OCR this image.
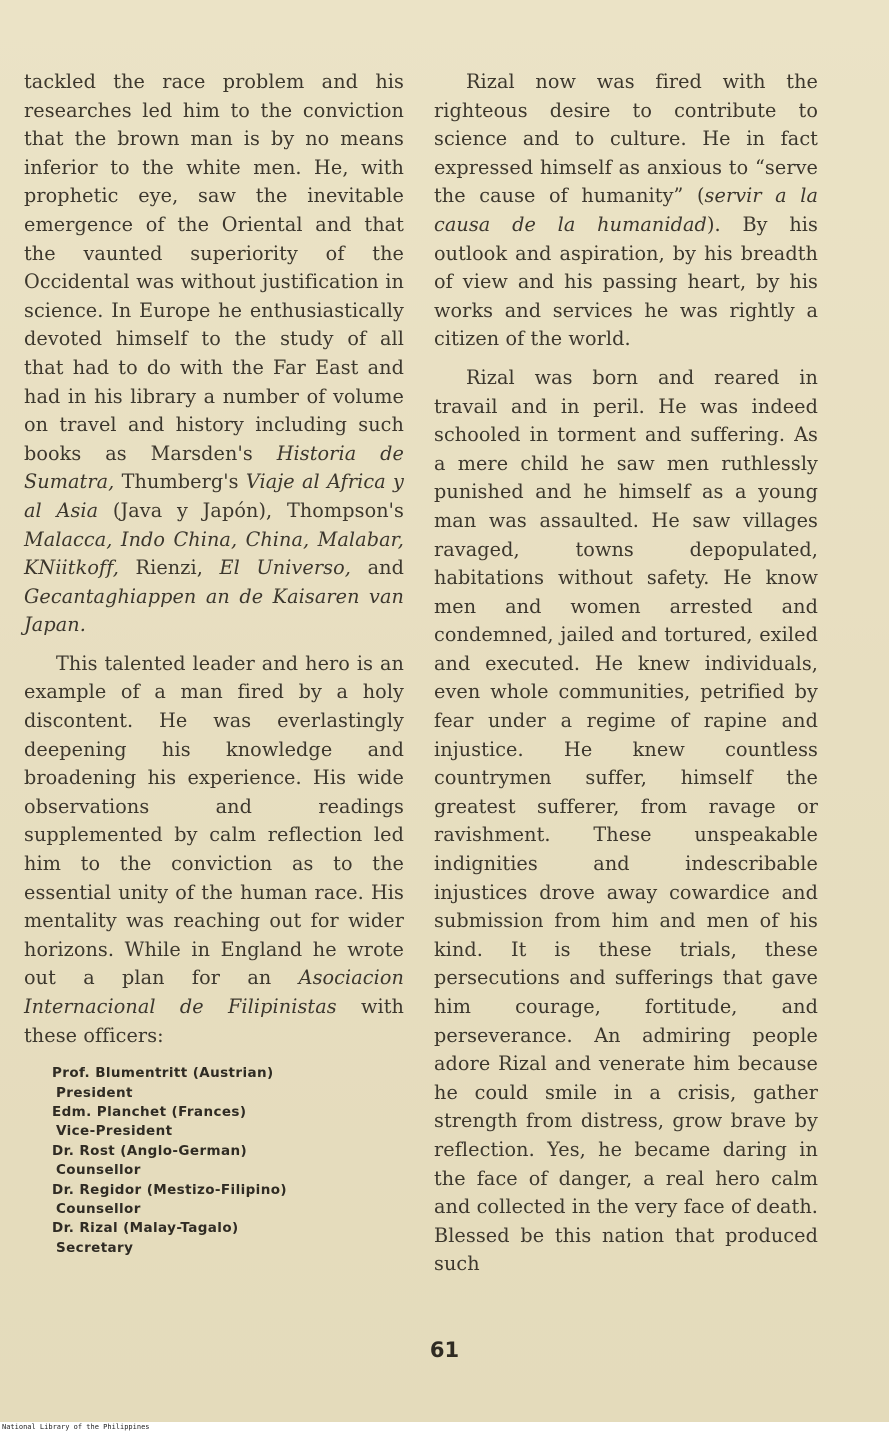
tackled the race problem and his researches led him to the conviction that the brown man is by no means inferior to the white men. He, with prophetic eye, saw the inevitable emergence of the Oriental and that the vaunted superiority of the Occidental was without justification in science. In Europe he enthusiastically devoted himself to the study of all that had to do with the Far East and had in his library a number of volume on travel and history including such books as Marsden's Historia de Sumatra, Thumberg's Viaje al Africa y al Asia (Java y Japón), Thompson's Malacca, Indo China, China, Malabar, KNiitkoff, Rienzi, El Universo, and Gecantaghiappen an de Kaisaren van Japan.

This talented leader and hero is an example of a man fired by a holy discontent. He was everlastingly deepening his knowledge and broadening his experience. His wide observations and readings supplemented by calm reflection led him to the conviction as to the essential unity of the human race. His mentality was reaching out for wider horizons. While in England he wrote out a plan for an Asociacion Internacional de Filipinistas with these officers:

Prof. Blumentritt (Austrian)
President
Edm. Planchet (Frances)
Vice-President
Dr. Rost (Anglo-German)
Counsellor
Dr. Regidor (Mestizo-Filipino)
Counsellor
Dr. Rizal (Malay-Tagalo)
Secretary

Rizal now was fired with the righteous desire to contribute to science and to culture. He in fact expressed himself as anxious to “serve the cause of humanity” (servir a la causa de la humanidad). By his outlook and aspiration, by his breadth of view and his passing heart, by his works and services he was rightly a citizen of the world.

Rizal was born and reared in travail and in peril. He was indeed schooled in torment and suffering. As a mere child he saw men ruthlessly punished and he himself as a young man was assaulted. He saw villages ravaged, towns depopulated, habitations without safety. He know men and women arrested and condemned, jailed and tortured, exiled and executed. He knew individuals, even whole communities, petrified by fear under a regime of rapine and injustice. He knew countless countrymen suffer, himself the greatest sufferer, from ravage or ravishment. These unspeakable indignities and indescribable injustices drove away cowardice and submission from him and men of his kind. It is these trials, these persecutions and sufferings that gave him courage, fortitude, and perseverance. An admiring people adore Rizal and venerate him because he could smile in a crisis, gather strength from distress, grow brave by reflection. Yes, he became daring in the face of danger, a real hero calm and collected in the very face of death. Blessed be this nation that produced such

61
National Library of the Philippines
